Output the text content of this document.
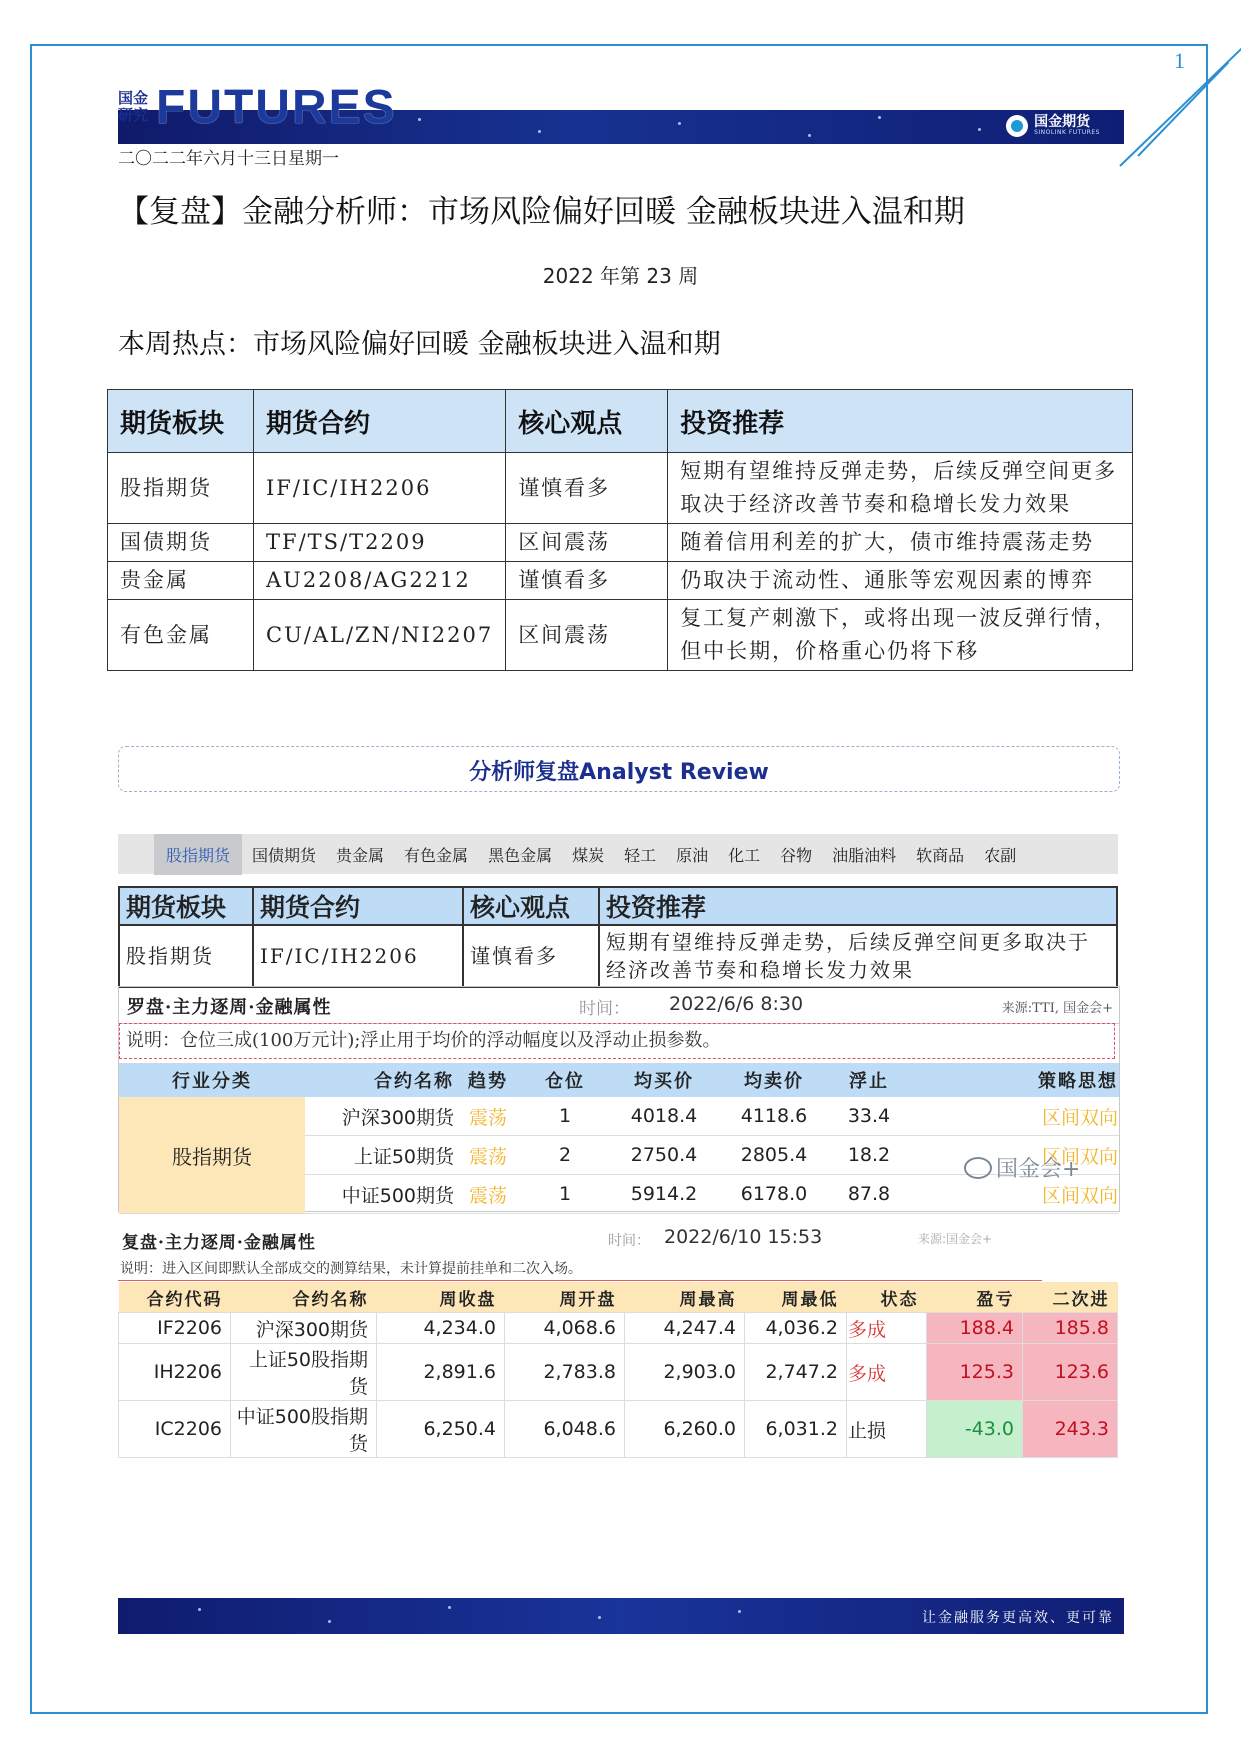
1
国金期货
SINOLINK FUTURES
国金研究 FUTURES
二〇二二年六月十三日星期一
【复盘】金融分析师：市场风险偏好回暖 金融板块进入温和期
2022 年第 23 周
本周热点：市场风险偏好回暖 金融板块进入温和期
期货板块	期货合约	核心观点	投资推荐
股指期货	IF/IC/IH2206	谨慎看多	短期有望维持反弹走势，后续反弹空间更多取决于经济改善节奏和稳增长发力效果
国债期货	TF/TS/T2209	区间震荡	随着信用利差的扩大，债市维持震荡走势
贵金属	AU2208/AG2212	谨慎看多	仍取决于流动性、通胀等宏观因素的博弈
有色金属	CU/AL/ZN/NI2207	区间震荡	复工复产刺激下，或将出现一波反弹行情，但中长期，价格重心仍将下移
分析师复盘Analyst Review
股指期货	国债期货	贵金属	有色金属	黑色金属	煤炭	轻工	原油	化工	谷物	油脂油料	软商品	农副
期货板块	期货合约	核心观点	投资推荐
股指期货	IF/IC/IH2206	谨慎看多	短期有望维持反弹走势，后续反弹空间更多取决于经济改善节奏和稳增长发力效果
罗盘·主力逐周·金融属性	时间： 2022/6/6 8:30	来源:TTI, 国金会+
说明：仓位三成(100万元计);浮止用于均价的浮动幅度以及浮动止损参数。
行业分类	合约名称	趋势	仓位	均买价	均卖价	浮止	策略思想
股指期货	沪深300期货	震荡	1	4018.4	4118.6	33.4	区间双向
	上证50期货	震荡	2	2750.4	2805.4	18.2	区间双向
	中证500期货	震荡	1	5914.2	6178.0	87.8	区间双向
国金会+
复盘·主力逐周·金融属性	时间： 2022/6/10 15:53	来源:国金会+
说明：进入区间即默认全部成交的测算结果，未计算提前挂单和二次入场。
合约代码	合约名称	周收盘	周开盘	周最高	周最低	状态	盈亏	二次进
IF2206	沪深300期货	4,234.0	4,068.6	4,247.4	4,036.2	多成	188.4	185.8
IH2206	上证50股指期货	2,891.6	2,783.8	2,903.0	2,747.2	多成	125.3	123.6
IC2206	中证500股指期货	6,250.4	6,048.6	6,260.0	6,031.2	止损	-43.0	243.3
让金融服务更高效、更可靠
